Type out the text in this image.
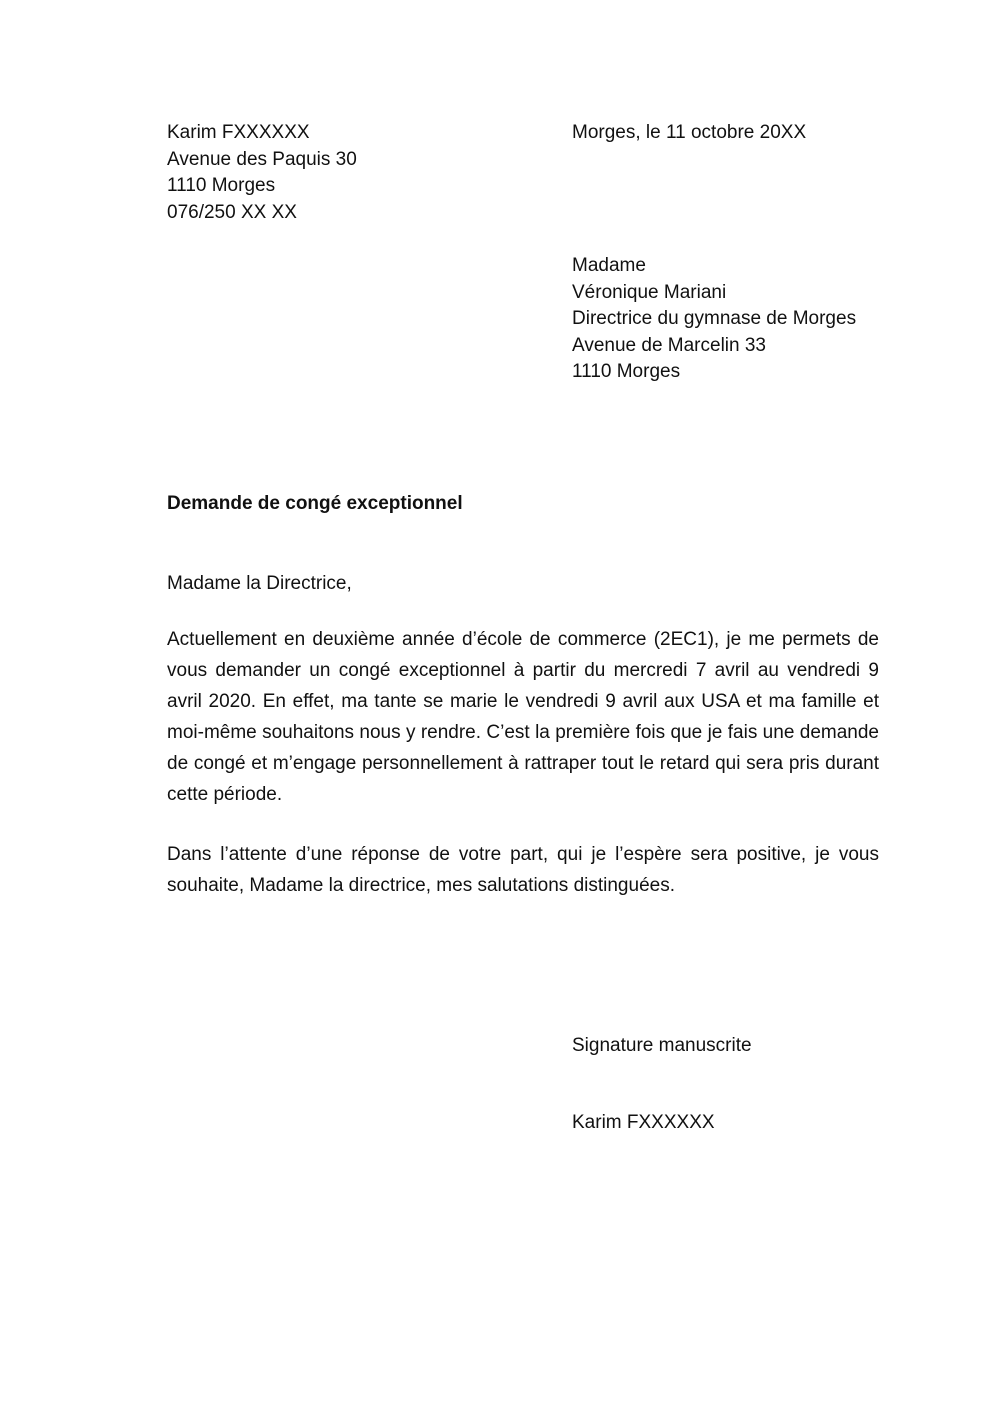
Karim FXXXXXX
Avenue des Paquis 30
1110 Morges
076/250 XX XX
Morges, le 11 octobre 20XX
Madame
Véronique Mariani
Directrice du gymnase de Morges
Avenue de Marcelin 33
1110 Morges
Demande de congé exceptionnel
Madame la Directrice,

Actuellement en deuxième année d’école de commerce (2EC1), je me permets de vous demander un congé exceptionnel à partir du mercredi 7 avril au vendredi 9 avril 2020. En effet, ma tante se marie le vendredi 9 avril aux USA et ma famille et moi-même souhaitons nous y rendre. C’est la première fois que je fais une demande de congé et m’engage personnellement à rattraper tout le retard qui sera pris durant cette période.

Dans l’attente d’une réponse de votre part, qui je l’espère sera positive, je vous souhaite, Madame la directrice, mes salutations distinguées.

Signature manuscrite
Karim FXXXXXX
